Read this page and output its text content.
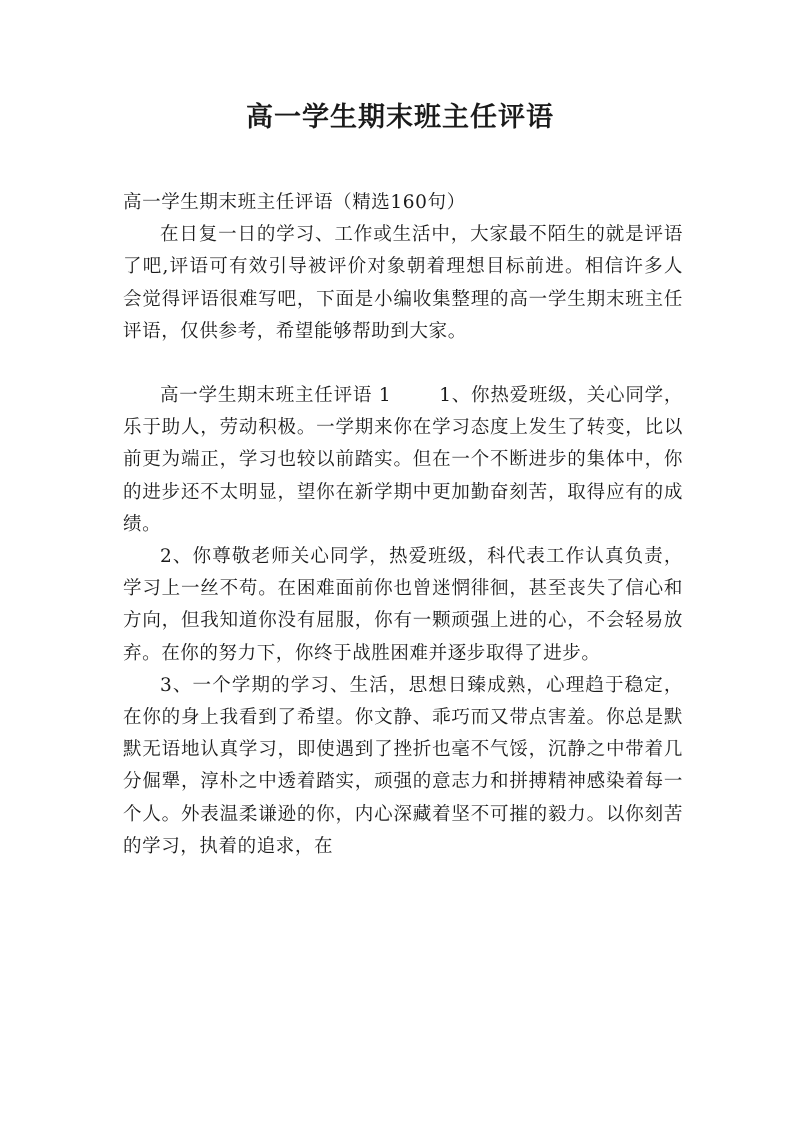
高一学生期末班主任评语

高一学生期末班主任评语（精选160句）

在日复一日的学习、工作或生活中，大家最不陌生的就是评语了吧,评语可有效引导被评价对象朝着理想目标前进。相信许多人会觉得评语很难写吧，下面是小编收集整理的高一学生期末班主任评语，仅供参考，希望能够帮助到大家。

高一学生期末班主任评语 1	1、你热爱班级，关心同学，乐于助人，劳动积极。一学期来你在学习态度上发生了转变，比以前更为端正，学习也较以前踏实。但在一个不断进步的集体中，你的进步还不太明显，望你在新学期中更加勤奋刻苦，取得应有的成绩。

2、你尊敬老师关心同学，热爱班级，科代表工作认真负责，学习上一丝不苟。在困难面前你也曾迷惘徘徊，甚至丧失了信心和方向，但我知道你没有屈服，你有一颗顽强上进的心，不会轻易放弃。在你的努力下，你终于战胜困难并逐步取得了进步。

3、一个学期的学习、生活，思想日臻成熟，心理趋于稳定，在你的身上我看到了希望。你文静、乖巧而又带点害羞。你总是默默无语地认真学习，即使遇到了挫折也毫不气馁，沉静之中带着几分倔犟，淳朴之中透着踏实，顽强的意志力和拼搏精神感染着每一个人。外表温柔谦逊的你，内心深藏着坚不可摧的毅力。以你刻苦的学习，执着的追求，在
